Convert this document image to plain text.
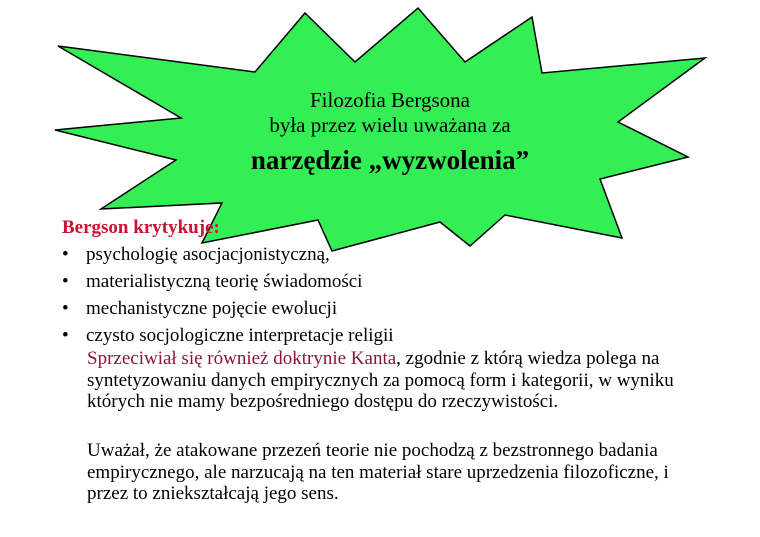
Filozofia Bergsona
była przez wielu uważana za
narzędzie „wyzwolenia”
Bergson krytykuje:
• psychologię asocjacjonistyczną,
• materialistyczną teorię świadomości
• mechanistyczne pojęcie ewolucji
• czysto socjologiczne interpretacje religii
Sprzeciwiał się również doktrynie Kanta, zgodnie z którą wiedza polega na syntetyzowaniu danych empirycznych za pomocą form i kategorii, w wyniku których nie mamy bezpośredniego dostępu do rzeczywistości.
Uważał, że atakowane przezeń teorie nie pochodzą z bezstronnego badania empirycznego, ale narzucają na ten materiał stare uprzedzenia filozoficzne, i przez to zniekształcają jego sens.
